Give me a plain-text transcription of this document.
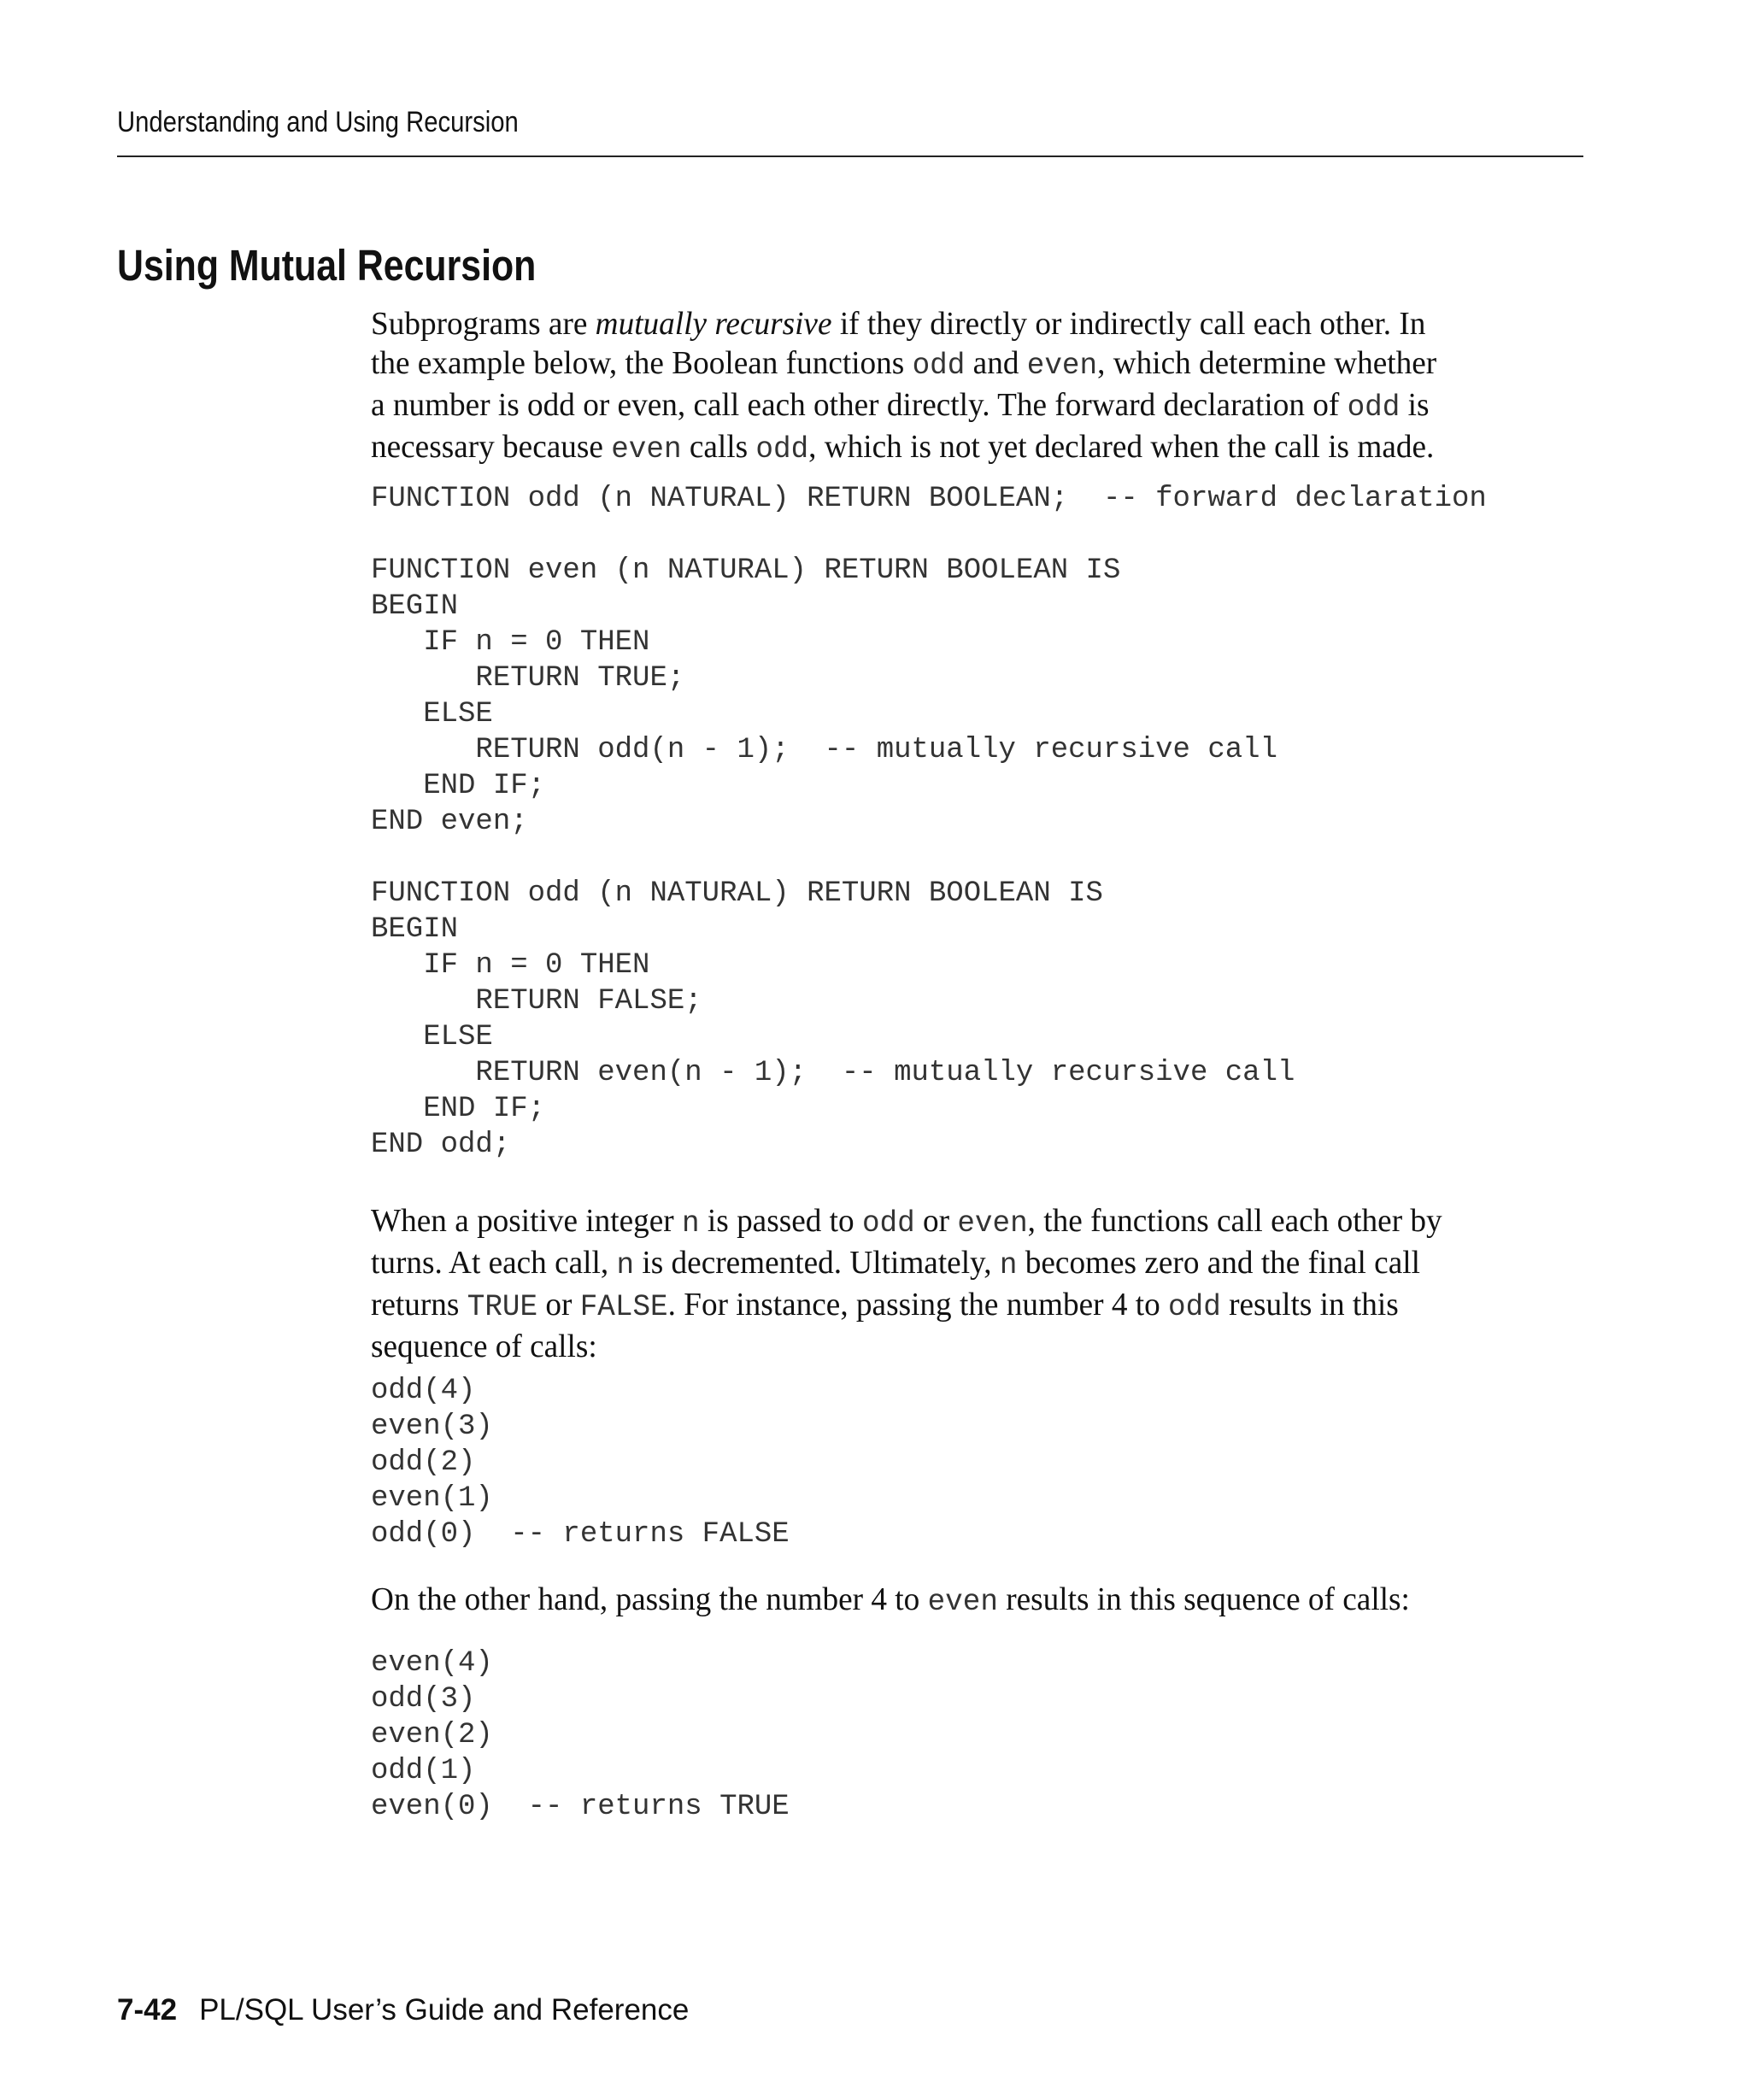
Understanding and Using Recursion
Using Mutual Recursion

Subprograms are mutually recursive if they directly or indirectly call each other. In
the example below, the Boolean functions odd and even, which determine whether
a number is odd or even, call each other directly. The forward declaration of odd is
necessary because even calls odd, which is not yet declared when the call is made.

FUNCTION odd (n NATURAL) RETURN BOOLEAN;  -- forward declaration

FUNCTION even (n NATURAL) RETURN BOOLEAN IS
BEGIN
IF n = 0 THEN
RETURN TRUE;
ELSE
RETURN odd(n - 1);  -- mutually recursive call
END IF;
END even;

FUNCTION odd (n NATURAL) RETURN BOOLEAN IS
BEGIN
IF n = 0 THEN
RETURN FALSE;
ELSE
RETURN even(n - 1);  -- mutually recursive call
END IF;
END odd;

When a positive integer n is passed to odd or even, the functions call each other by
turns. At each call, n is decremented. Ultimately, n becomes zero and the final call
returns TRUE or FALSE. For instance, passing the number 4 to odd results in this
sequence of calls:

odd(4)
even(3)
odd(2)
even(1)
odd(0)  -- returns FALSE

On the other hand, passing the number 4 to even results in this sequence of calls:

even(4)
odd(3)
even(2)
odd(1)
even(0)  -- returns TRUE
7-42 PL/SQL User’s Guide and Reference
